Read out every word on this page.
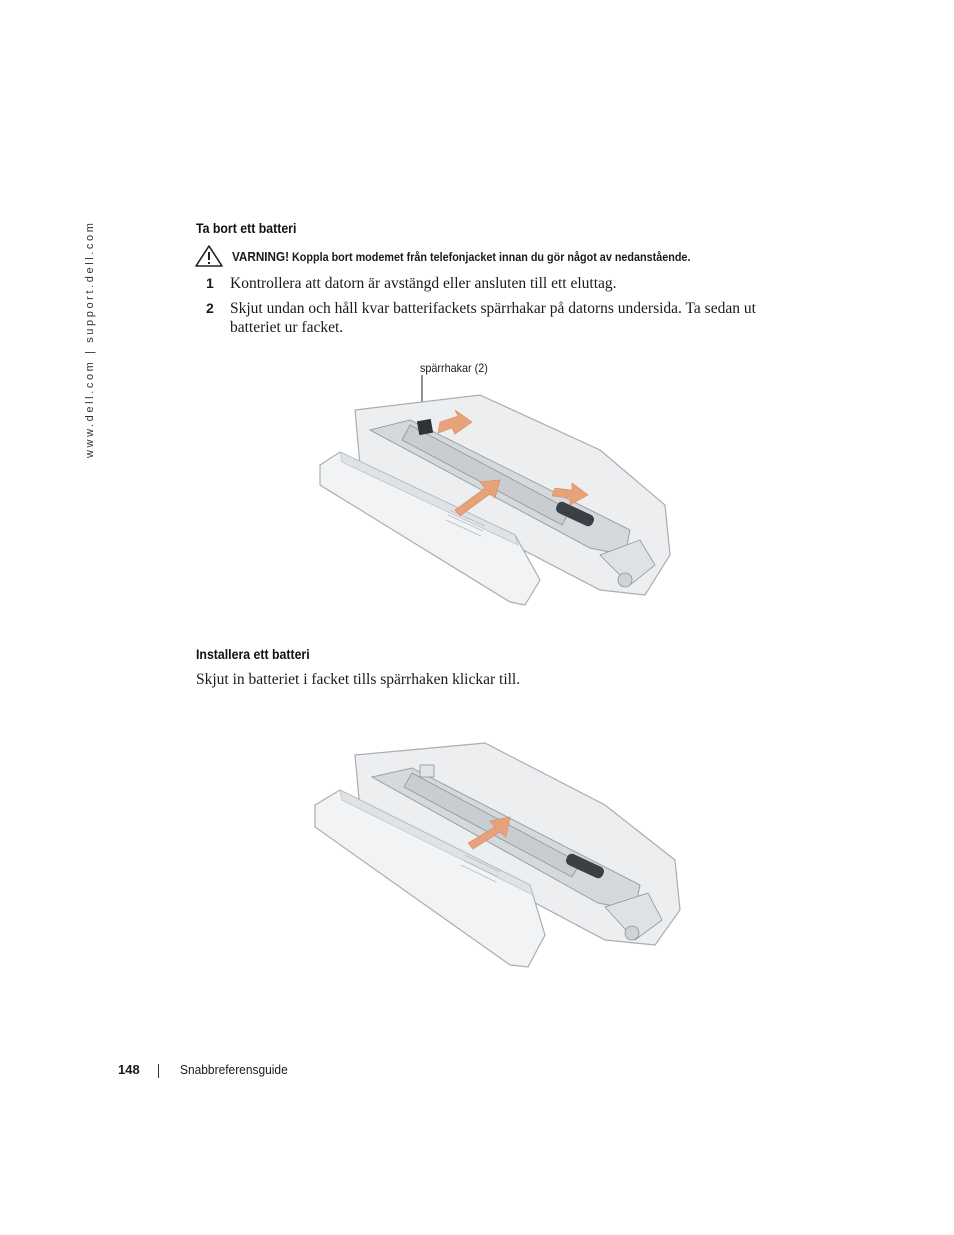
www.dell.com | support.dell.com	Ta bort ett batteri
VARNING! Koppla bort modemet från telefonjacket innan du gör något av nedanstående.
1 Kontrollera att datorn är avstängd eller ansluten till ett eluttag.
2 Skjut undan och håll kvar batterifackets spärrhakar på datorns undersida. Ta sedan ut batteriet ur facket.
spärrhakar (2)
Installera ett batteri
Skjut in batteriet i facket tills spärrhaken klickar till.
148	Snabbreferensguide
